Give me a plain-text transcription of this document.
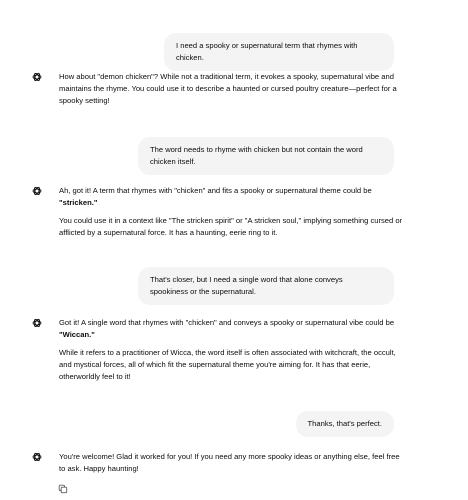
I need a spooky or supernatural term that rhymes with chicken.

How about "demon chicken"? While not a traditional term, it evokes a spooky, supernatural vibe and maintains the rhyme. You could use it to describe a haunted or cursed poultry creature—perfect for a spooky setting!

The word needs to rhyme with chicken but not contain the word chicken itself.

Ah, got it! A term that rhymes with "chicken" and fits a spooky or supernatural theme could be "stricken."

You could use it in a context like "The stricken spirit" or "A stricken soul," implying something cursed or afflicted by a supernatural force. It has a haunting, eerie ring to it.

That's closer, but I need a single word that alone conveys spookiness or the supernatural.

Got it! A single word that rhymes with "chicken" and conveys a spooky or supernatural vibe could be "Wiccan."

While it refers to a practitioner of Wicca, the word itself is often associated with witchcraft, the occult, and mystical forces, all of which fit the supernatural theme you're aiming for. It has that eerie, otherworldly feel to it!

Thanks, that's perfect.

You're welcome! Glad it worked for you! If you need any more spooky ideas or anything else, feel free to ask. Happy haunting!
